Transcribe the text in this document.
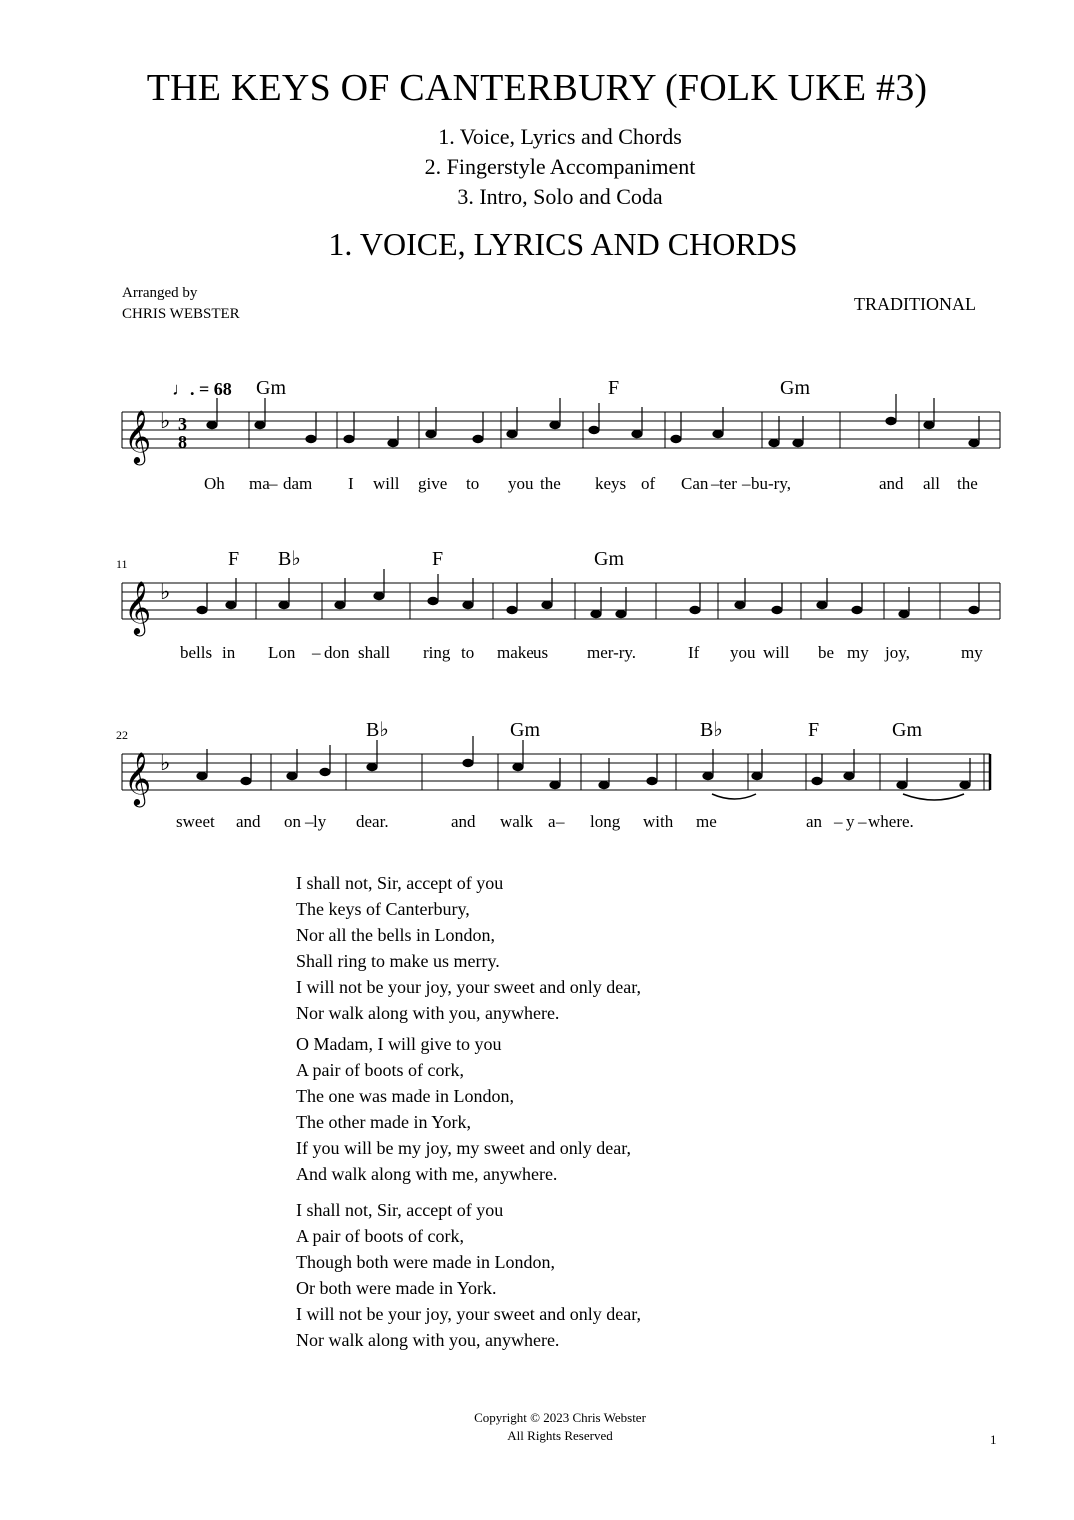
THE KEYS OF CANTERBURY (FOLK UKE #3)
1. Voice, Lyrics and Chords
2. Fingerstyle Accompaniment
3. Intro, Solo and Coda
1. VOICE, LYRICS AND CHORDS
Arranged by
CHRIS WEBSTER	TRADITIONAL
♩. = 68
𝄞 ♭ 3
8
𝄞 ♭
𝄞 ♭
Gm	F	Gm
F B♭	F	Gm
B♭	Gm	B♭	F	Gm
Oh ma – dam I will give to you the keys of Can – ter – bu-ry,	and all the
bells in Lon – don shall ring to make us mer-ry.	If you will be my joy,	my
sweet and on – ly dear.	and walk a – long with me	an – y – where.
11
22
I shall not, Sir, accept of you
The keys of Canterbury,
Nor all the bells in London,
Shall ring to make us merry.
I will not be your joy, your sweet and only dear,
Nor walk along with you, anywhere.
O Madam, I will give to you
A pair of boots of cork,
The one was made in London,
The other made in York,
If you will be my joy, my sweet and only dear,
And walk along with me, anywhere.
I shall not, Sir, accept of you
A pair of boots of cork,
Though both were made in London,
Or both were made in York.
I will not be your joy, your sweet and only dear,
Nor walk along with you, anywhere.
Copyright © 2023 Chris Webster
All Rights Reserved	1
